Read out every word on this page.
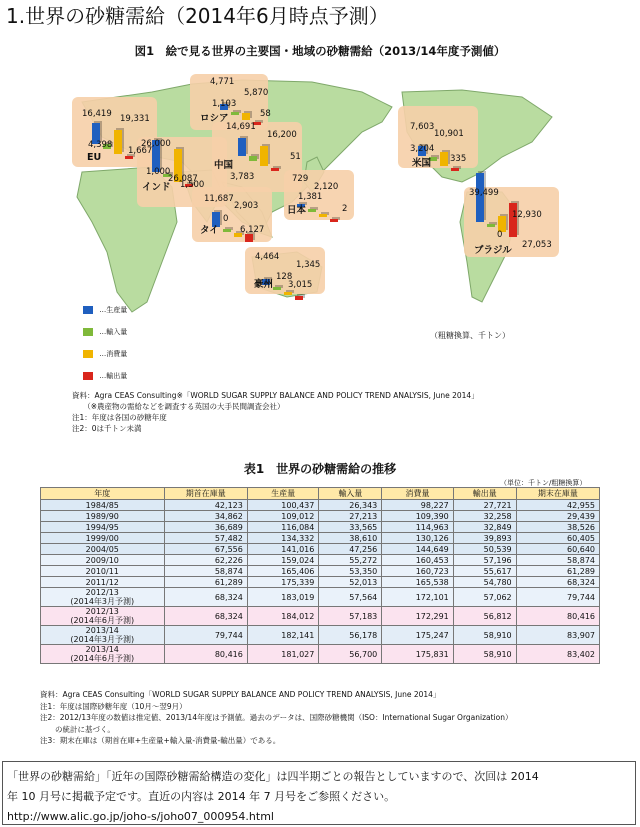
1.世界の砂糖需給（2014年6月時点予測）
図1　絵で見る世界の主要国・地域の砂糖需給（2013/14年度予測値）
16,419 19,331
4,398
1,667
EU
4,771
5,870
1,103
58
ロシア
26,000
26,087
1,000
1,500
インド
14,691
16,200
3,783
51
中国
7,603
10,901
3,204
335
米国
11,687
2,903
0
6,127
タイ
729
2,120
1,381
2
日本
39,499
12,930
0
27,053
ブラジル
4,464
1,345
128
3,015
豪州
…生産量
…輸入量
…消費量
…輸出量
（粗糖換算、千トン）
資料：Agra CEAS Consulting※「WORLD SUGAR SUPPLY BALANCE AND POLICY TREND ANALYSIS, June 2014」
　　（※農産物の需給などを調査する英国の大手民間調査会社）
注1：年度は各国の砂糖年度
注2：0は千トン未満
表1　世界の砂糖需給の推移
（単位：千トン/粗糖換算）
年度	期首在庫量	生産量	輸入量	消費量	輸出量	期末在庫量

1984/85	42,123	100,437	26,343	98,227	27,721	42,955

1989/90	34,862	109,012	27,213	109,390	32,258	29,439

1994/95	36,689	116,084	33,565	114,963	32,849	38,526

1999/00	57,482	134,332	38,610	130,126	39,893	60,405

2004/05	67,556	141,016	47,256	144,649	50,539	60,640

2009/10	62,226	159,024	55,272	160,453	57,196	58,874

2010/11	58,874	165,406	53,350	160,723	55,617	61,289

2011/12	61,289	175,339	52,013	165,538	54,780	68,324

2012/13
(2014年3月予測)	68,324	183,019	57,564	172,101	57,062	79,744

2012/13
(2014年6月予測)	68,324	184,012	57,183	172,291	56,812	80,416

2013/14
(2014年3月予測)	79,744	182,141	56,178	175,247	58,910	83,907

2013/14
(2014年6月予測)	80,416	181,027	56,700	175,831	58,910	83,402
資料：Agra CEAS Consulting「WORLD SUGAR SUPPLY BALANCE AND POLICY TREND ANALYSIS, June 2014」
注1：年度は国際砂糖年度（10月～翌9月）
注2：2012/13年度の数値は推定値、2013/14年度は予測値。過去のデータは、国際砂糖機関（ISO：International Sugar Organization）
　　の統計に基づく。
注3：期末在庫は（期首在庫+生産量+輸入量-消費量-輸出量）である。
「世界の砂糖需給」「近年の国際砂糖需給構造の変化」は四半期ごとの報告としていますので、次回は 2014
年 10 月号に掲載予定です。直近の内容は 2014 年 7 月号をご参照ください。
http://www.alic.go.jp/joho-s/joho07_000954.html
